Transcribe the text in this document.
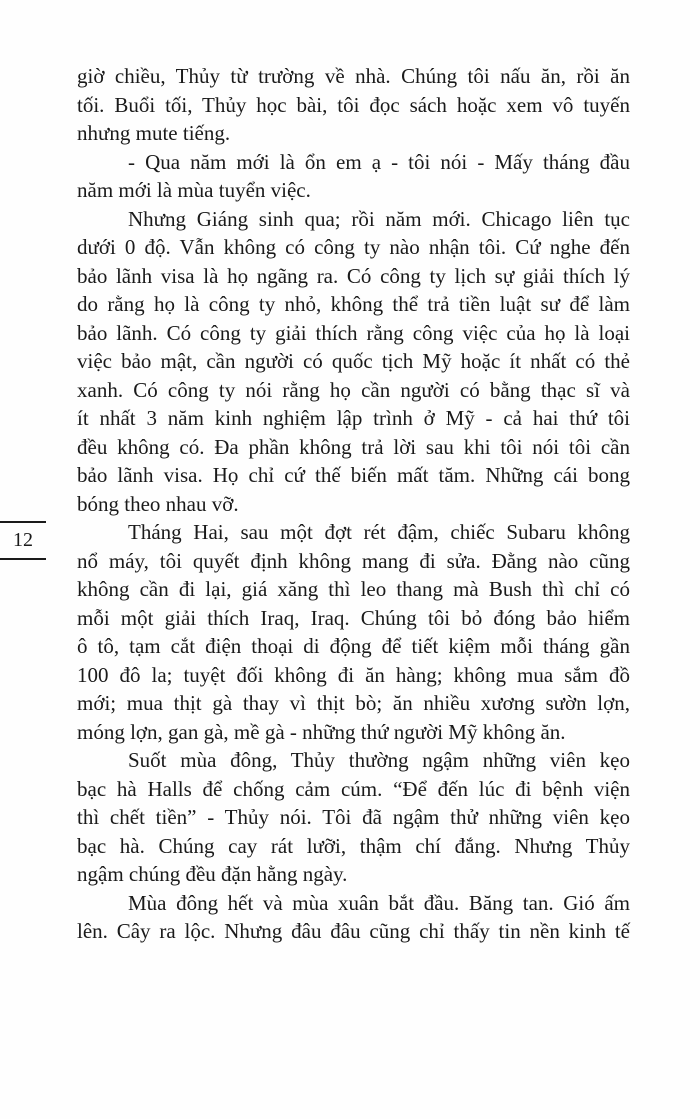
12
giờ chiều, Thủy từ trường về nhà. Chúng tôi nấu ăn, rồi ăn
tối. Buổi tối, Thủy học bài, tôi đọc sách hoặc xem vô tuyến
nhưng mute tiếng.
- Qua năm mới là ổn em ạ - tôi nói - Mấy tháng đầu
năm mới là mùa tuyển việc.
Nhưng Giáng sinh qua; rồi năm mới. Chicago liên tục
dưới 0 độ. Vẫn không có công ty nào nhận tôi. Cứ nghe đến
bảo lãnh visa là họ ngãng ra. Có công ty lịch sự giải thích lý
do rằng họ là công ty nhỏ, không thể trả tiền luật sư để làm
bảo lãnh. Có công ty giải thích rằng công việc của họ là loại
việc bảo mật, cần người có quốc tịch Mỹ hoặc ít nhất có thẻ
xanh. Có công ty nói rằng họ cần người có bằng thạc sĩ và
ít nhất 3 năm kinh nghiệm lập trình ở Mỹ - cả hai thứ tôi
đều không có. Đa phần không trả lời sau khi tôi nói tôi cần
bảo lãnh visa. Họ chỉ cứ thế biến mất tăm. Những cái bong
bóng theo nhau vỡ.
Tháng Hai, sau một đợt rét đậm, chiếc Subaru không
nổ máy, tôi quyết định không mang đi sửa. Đằng nào cũng
không cần đi lại, giá xăng thì leo thang mà Bush thì chỉ có
mỗi một giải thích Iraq, Iraq. Chúng tôi bỏ đóng bảo hiểm
ô tô, tạm cắt điện thoại di động để tiết kiệm mỗi tháng gần
100 đô la; tuyệt đối không đi ăn hàng; không mua sắm đồ
mới; mua thịt gà thay vì thịt bò; ăn nhiều xương sườn lợn,
móng lợn, gan gà, mề gà - những thứ người Mỹ không ăn.
Suốt mùa đông, Thủy thường ngậm những viên kẹo
bạc hà Halls để chống cảm cúm. “Để đến lúc đi bệnh viện
thì chết tiền” - Thủy nói. Tôi đã ngậm thử những viên kẹo
bạc hà. Chúng cay rát lưỡi, thậm chí đắng. Nhưng Thủy
ngậm chúng đều đặn hằng ngày.
Mùa đông hết và mùa xuân bắt đầu. Băng tan. Gió ấm
lên. Cây ra lộc. Nhưng đâu đâu cũng chỉ thấy tin nền kinh tế
